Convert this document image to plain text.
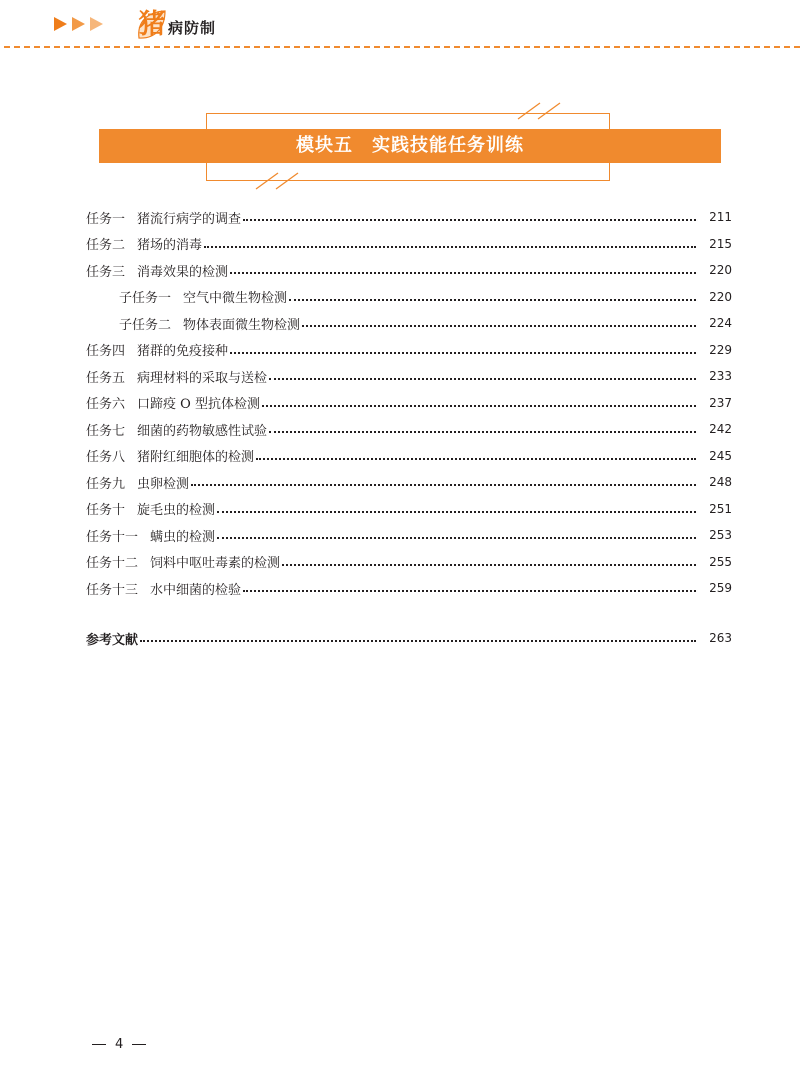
猪 病防制
模块五　实践技能任务训练
任务一 猪流行病学的调查	211
任务二 猪场的消毒	215
任务三 消毒效果的检测	220
子任务一 空气中微生物检测	220
子任务二 物体表面微生物检测	224
任务四 猪群的免疫接种	229
任务五 病理材料的采取与送检	233
任务六 口蹄疫 O 型抗体检测	237
任务七 细菌的药物敏感性试验	242
任务八 猪附红细胞体的检测	245
任务九 虫卵检测	248
任务十 旋毛虫的检测	251
任务十一 螨虫的检测	253
任务十二 饲料中呕吐毒素的检测	255
任务十三 水中细菌的检验	259
参考文献	263
4
